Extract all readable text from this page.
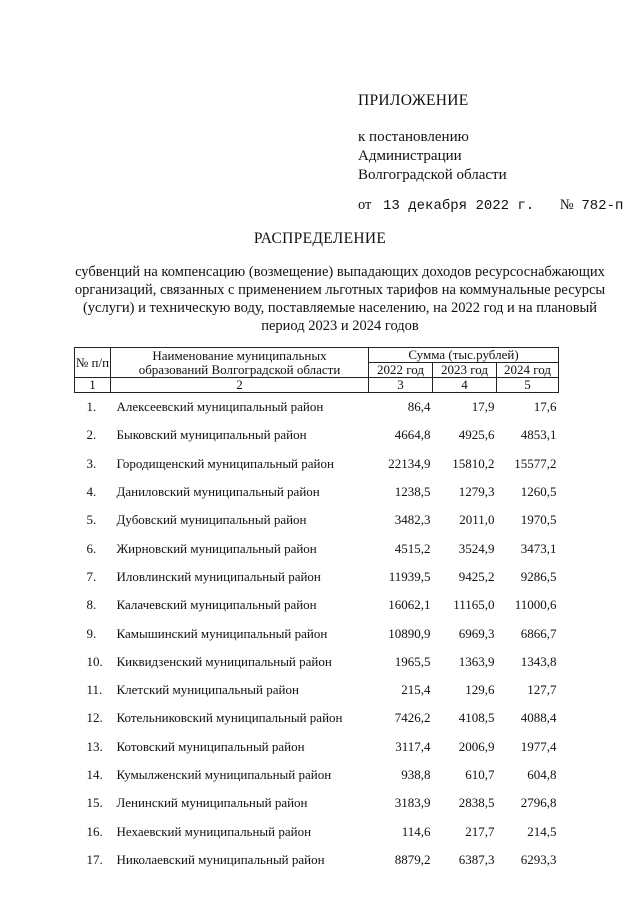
ПРИЛОЖЕНИЕ
к постановлению
Администрации
Волгоградской области
от 13 декабря 2022 г. № 782-п
РАСПРЕДЕЛЕНИЕ
субвенций на компенсацию (возмещение) выпадающих доходов ресурсоснабжающих организаций, связанных с применением льготных тарифов на коммунальные ресурсы (услуги) и техническую воду, поставляемые населению, на 2022 год и на плановый период 2023 и 2024 годов
№ п/п	Наименование муниципальных образований Волгоградской области	Сумма (тыс.рублей)		
		2022 год	2023 год	2024 год
1	2	3	4	5
1.	Алексеевский муниципальный район	86,4	17,9	17,6
2.	Быковский муниципальный район	4664,8	4925,6	4853,1
3.	Городищенский муниципальный район	22134,9	15810,2	15577,2
4.	Даниловский муниципальный район	1238,5	1279,3	1260,5
5.	Дубовский муниципальный район	3482,3	2011,0	1970,5
6.	Жирновский муниципальный район	4515,2	3524,9	3473,1
7.	Иловлинский муниципальный район	11939,5	9425,2	9286,5
8.	Калачевский муниципальный район	16062,1	11165,0	11000,6
9.	Камышинский муниципальный район	10890,9	6969,3	6866,7
10.	Киквидзенский муниципальный район	1965,5	1363,9	1343,8
11.	Клетский муниципальный район	215,4	129,6	127,7
12.	Котельниковский муниципальный район	7426,2	4108,5	4088,4
13.	Котовский муниципальный район	3117,4	2006,9	1977,4
14.	Кумылженский муниципальный район	938,8	610,7	604,8
15.	Ленинский муниципальный район	3183,9	2838,5	2796,8
16.	Нехаевский муниципальный район	114,6	217,7	214,5
17.	Николаевский муниципальный район	8879,2	6387,3	6293,3
